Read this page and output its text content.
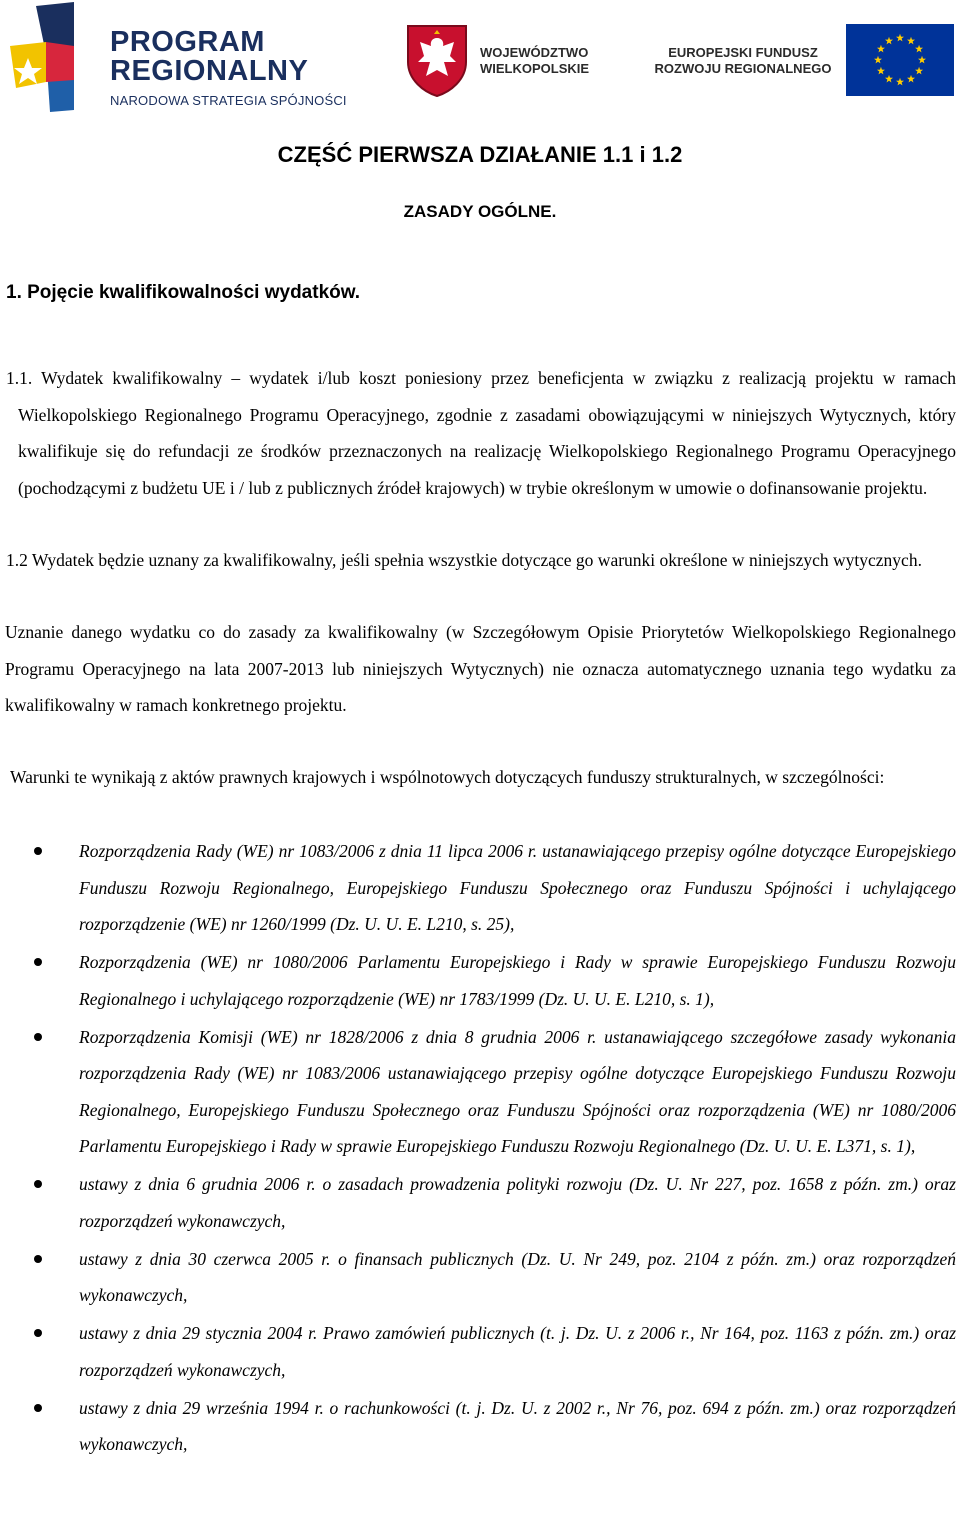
PROGRAM
REGIONALNY
NARODOWA STRATEGIA SPÓJNOŚCI
WOJEWÓDZTWO
WIELKOPOLSKIE
EUROPEJSKI FUNDUSZ
ROZWOJU REGIONALNEGO
CZĘŚĆ PIERWSZA DZIAŁANIE 1.1 i 1.2
ZASADY OGÓLNE.
1. Pojęcie kwalifikowalności wydatków.

1.1. Wydatek kwalifikowalny – wydatek i/lub koszt poniesiony przez beneficjenta w związku z realizacją projektu w ramach Wielkopolskiego Regionalnego Programu Operacyjnego, zgodnie z zasadami obowiązującymi w niniejszych Wytycznych, który kwalifikuje się do refundacji ze środków przeznaczonych na realizację Wielkopolskiego Regionalnego Programu Operacyjnego (pochodzącymi z budżetu UE i / lub z publicznych źródeł krajowych) w trybie określonym w umowie o dofinansowanie projektu.

1.2 Wydatek będzie uznany za kwalifikowalny, jeśli spełnia wszystkie dotyczące go warunki określone w niniejszych wytycznych.

Uznanie danego wydatku co do zasady za kwalifikowalny (w Szczegółowym Opisie Priorytetów Wielkopolskiego Regionalnego Programu Operacyjnego na lata 2007-2013 lub niniejszych Wytycznych) nie oznacza automatycznego uznania tego wydatku za kwalifikowalny w ramach konkretnego projektu.

Warunki te wynikają z aktów prawnych krajowych i wspólnotowych dotyczących funduszy strukturalnych, w szczególności:

Rozporządzenia Rady (WE) nr 1083/2006 z dnia 11 lipca 2006 r. ustanawiającego przepisy ogólne dotyczące Europejskiego Funduszu Rozwoju Regionalnego, Europejskiego Funduszu Społecznego oraz Funduszu Spójności i uchylającego rozporządzenie (WE) nr 1260/1999 (Dz. U. U. E. L210, s. 25),
Rozporządzenia (WE) nr 1080/2006 Parlamentu Europejskiego i Rady w sprawie Europejskiego Funduszu Rozwoju Regionalnego i uchylającego rozporządzenie (WE) nr 1783/1999 (Dz. U. U. E. L210, s. 1),
Rozporządzenia Komisji (WE) nr 1828/2006 z dnia 8 grudnia 2006 r. ustanawiającego szczegółowe zasady wykonania rozporządzenia Rady (WE) nr 1083/2006 ustanawiającego przepisy ogólne dotyczące Europejskiego Funduszu Rozwoju Regionalnego, Europejskiego Funduszu Społecznego oraz Funduszu Spójności oraz rozporządzenia (WE) nr 1080/2006 Parlamentu Europejskiego i Rady w sprawie Europejskiego Funduszu Rozwoju Regionalnego (Dz. U. U. E. L371, s. 1),
ustawy z dnia 6 grudnia 2006 r. o zasadach prowadzenia polityki rozwoju (Dz. U. Nr 227, poz. 1658 z późn. zm.) oraz rozporządzeń wykonawczych,
ustawy z dnia 30 czerwca 2005 r. o finansach publicznych (Dz. U. Nr 249, poz. 2104 z późn. zm.) oraz rozporządzeń wykonawczych,
ustawy z dnia 29 stycznia 2004 r. Prawo zamówień publicznych (t. j. Dz. U. z 2006 r., Nr 164, poz. 1163 z późn. zm.) oraz rozporządzeń wykonawczych,
ustawy z dnia 29 września 1994 r. o rachunkowości (t. j. Dz. U. z 2002 r., Nr 76, poz. 694 z późn. zm.) oraz rozporządzeń wykonawczych,
